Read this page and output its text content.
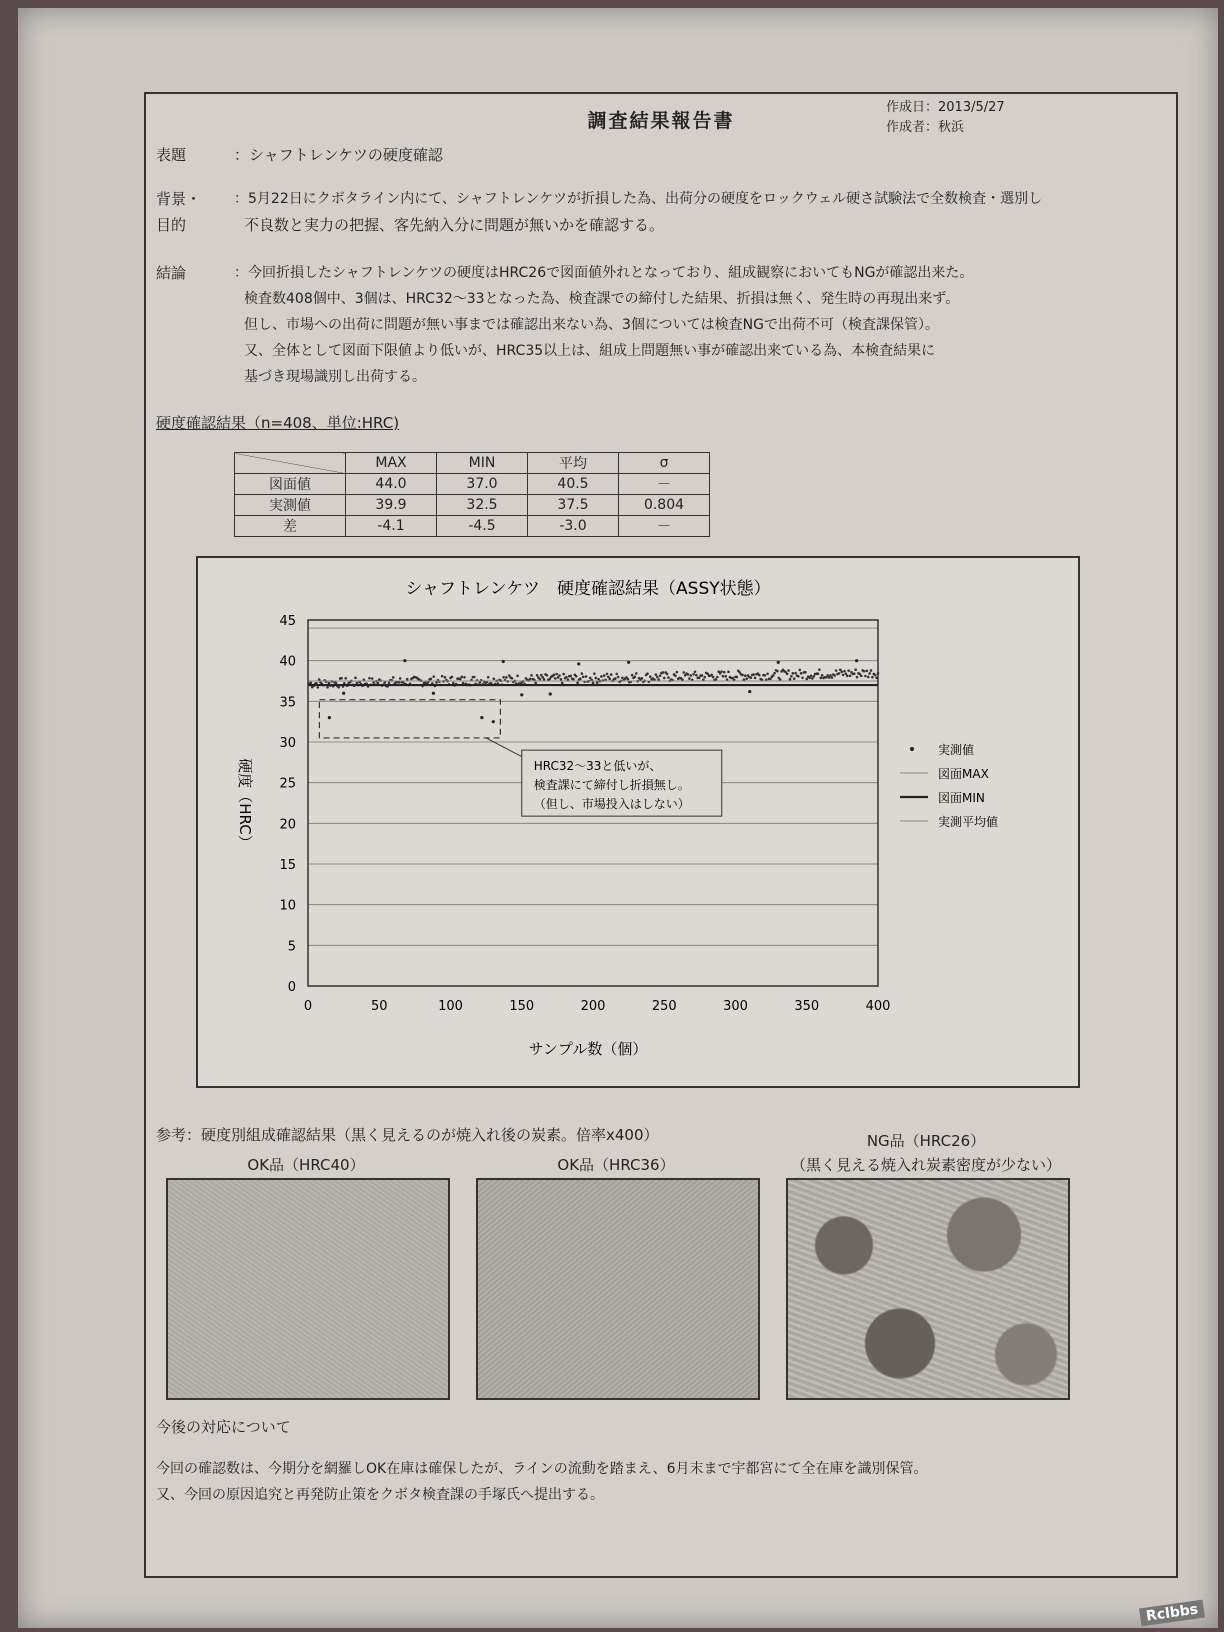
調査結果報告書
作成日：2013/5/27
作成者：秋浜
表題	：シャフトレンケツの硬度確認
背景・
目的
：5月22日にクボタライン内にて、シャフトレンケツが折損した為、出荷分の硬度をロックウェル硬さ試験法で全数検査・選別し
不良数と実力の把握、客先納入分に問題が無いかを確認する。
結論	：今回折損したシャフトレンケツの硬度はHRC26で図面値外れとなっており、組成観察においてもNGが確認出来た。
検査数408個中、3個は、HRC32～33となった為、検査課での締付した結果、折損は無く、発生時の再現出来ず。
但し、市場への出荷に問題が無い事までは確認出来ない為、3個については検査NGで出荷不可（検査課保管）。
又、全体として図面下限値より低いが、HRC35以上は、組成上問題無い事が確認出来ている為、本検査結果に
基づき現場識別し出荷する。
硬度確認結果（n=408、単位:HRC)
	MAX	MIN	平均	σ
図面値	44.0	37.0	40.5	－
実測値	39.9	32.5	37.5	0.804
差	-4.1	-4.5	-3.0	－
シャフトレンケツ　硬度確認結果（ASSY状態）
0
5
10
15
20
25
30
35
40
45
0	50	100	150	200	250	300	350	400
サンプル数（個）
硬度（HRC）
実測値
図面MAX
図面MIN
実測平均値
HRC32～33と低いが、
検査課にて締付し折損無し。
（但し、市場投入はしない）
参考：硬度別組成確認結果（黒く見えるのが焼入れ後の炭素。倍率x400）
OK品（HRC40）	OK品（HRC36）
NG品（HRC26）
（黒く見える焼入れ炭素密度が少ない）
今後の対応について
今回の確認数は、今期分を網羅しOK在庫は確保したが、ラインの流動を踏まえ、6月末まで宇都宮にて全在庫を識別保管。
又、今回の原因追究と再発防止策をクボタ検査課の手塚氏へ提出する。
Rclbbs
